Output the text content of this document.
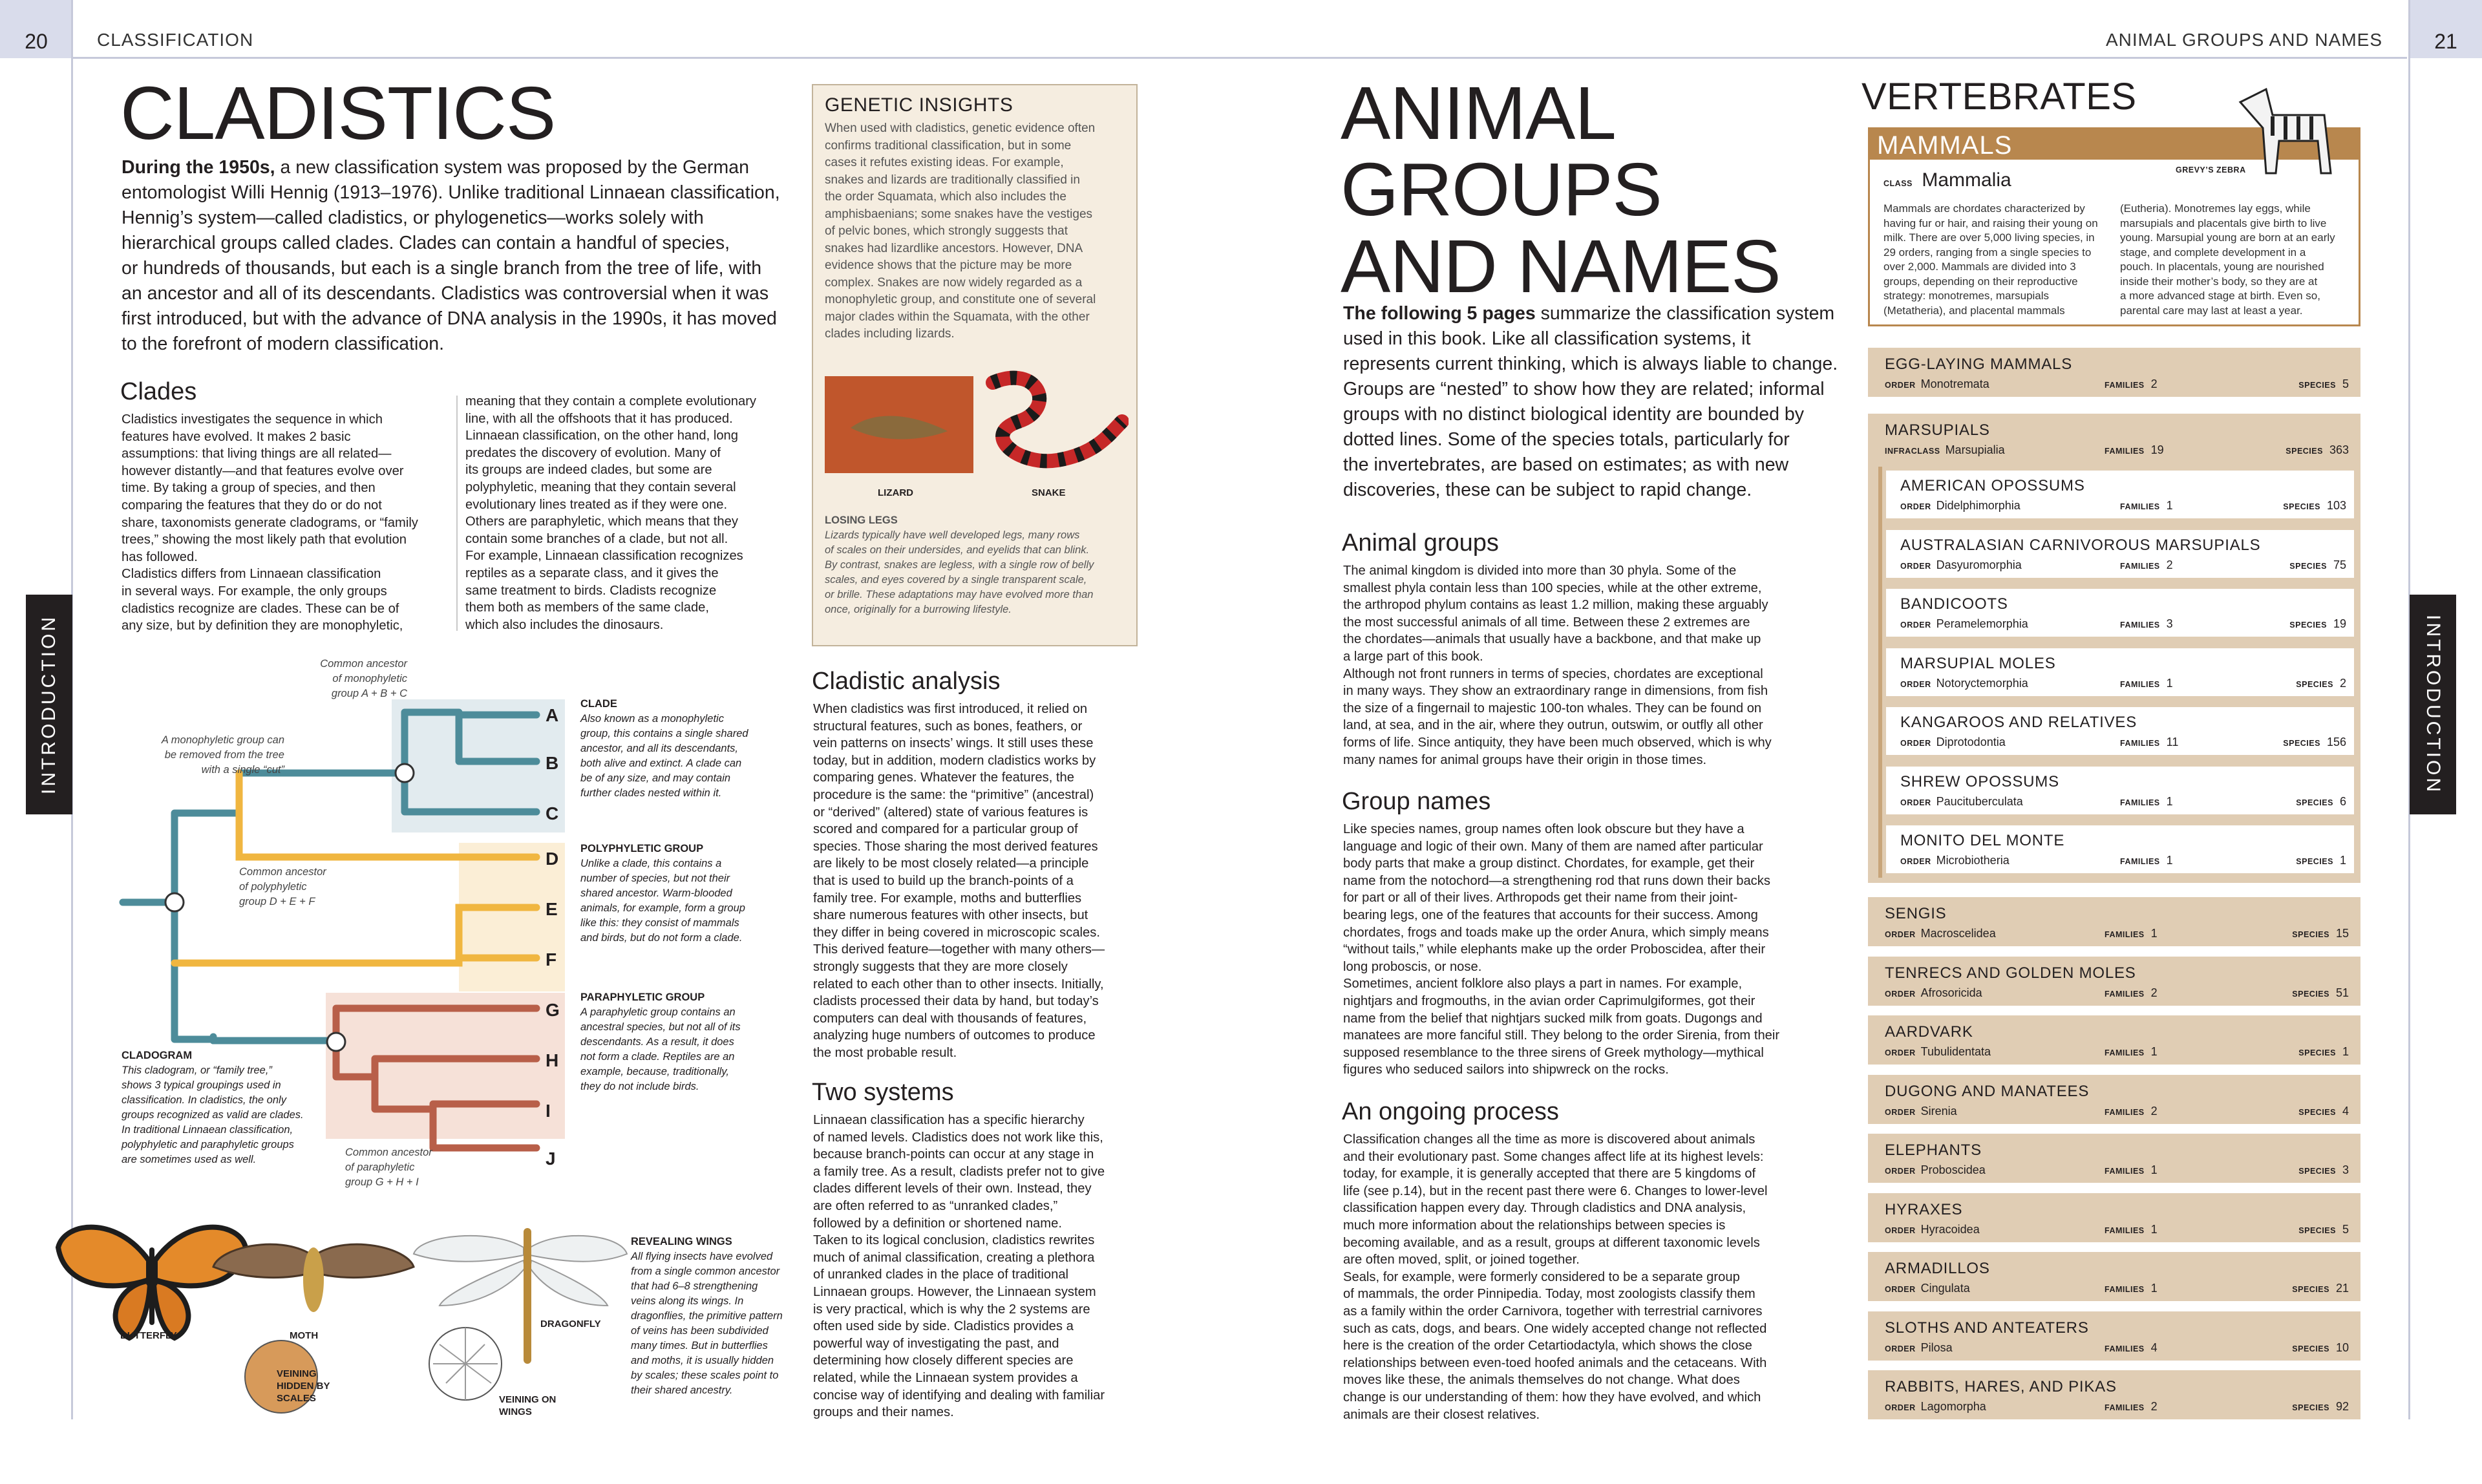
20	CLASSIFICATION	ANIMAL GROUPS AND NAMES	21
INTRODUCTION	INTRODUCTION
CLADISTICS
During the 1950s, a new classification system was proposed by the German
entomologist Willi Hennig (1913–1976). Unlike traditional Linnaean classification,
Hennig’s system—called cladistics, or phylogenetics—works solely with
hierarchical groups called clades. Clades can contain a handful of species,
or hundreds of thousands, but each is a single branch from the tree of life, with
an ancestor and all of its descendants. Cladistics was controversial when it was
first introduced, but with the advance of DNA analysis in the 1990s, it has moved
to the forefront of modern classification.
Clades
Cladistics investigates the sequence in which
features have evolved. It makes 2 basic
assumptions: that living things are all related—
however distantly—and that features evolve over
time. By taking a group of species, and then
comparing the features that they do or do not
share, taxonomists generate cladograms, or “family
trees,” showing the most likely path that evolution
has followed.
Cladistics differs from Linnaean classification
in several ways. For example, the only groups
cladistics recognize are clades. These can be of
any size, but by definition they are monophyletic,
meaning that they contain a complete evolutionary
line, with all the offshoots that it has produced.
Linnaean classification, on the other hand, long
predates the discovery of evolution. Many of
its groups are indeed clades, but some are
polyphyletic, meaning that they contain several
evolutionary lines treated as if they were one.
Others are paraphyletic, which means that they
contain some branches of a clade, but not all.
For example, Linnaean classification recognizes
reptiles as a separate class, and it gives the
same treatment to birds. Cladists recognize
them both as members of the same clade,
which also includes the dinosaurs.
A
B
C
D
E
F
G
H
I
J
Common ancestor
of monophyletic
group A + B + C
A monophyletic group can
be removed from the tree
with a single “cut”
Common ancestor
of polyphyletic
group D + E + F
Common ancestor
of paraphyletic
group G + H + I
CLADE
Also known as a monophyletic
group, this contains a single shared
ancestor, and all its descendants,
both alive and extinct. A clade can
be of any size, and may contain
further clades nested within it.
POLYPHYLETIC GROUP
Unlike a clade, this contains a
number of species, but not their
shared ancestor. Warm-blooded
animals, for example, form a group
like this: they consist of mammals
and birds, but do not form a clade.
PARAPHYLETIC GROUP
A paraphyletic group contains an
ancestral species, but not all of its
descendants. As a result, it does
not form a clade. Reptiles are an
example, because, traditionally,
they do not include birds.
CLADOGRAM
This cladogram, or “family tree,”
shows 3 typical groupings used in
classification. In cladistics, the only
groups recognized as valid are clades.
In traditional Linnaean classification,
polyphyletic and paraphyletic groups
are sometimes used as well.
BUTTERFLY	MOTH
DRAGONFLY
VEINING
HIDDEN BY
SCALES	VEINING ON
WINGS
REVEALING WINGS
All flying insects have evolved
from a single common ancestor
that had 6–8 strengthening
veins along its wings. In
dragonflies, the primitive pattern
of veins has been subdivided
many times. But in butterflies
and moths, it is usually hidden
by scales; these scales point to
their shared ancestry.
GENETIC INSIGHTS
When used with cladistics, genetic evidence often
confirms traditional classification, but in some
cases it refutes existing ideas. For example,
snakes and lizards are traditionally classified in
the order Squamata, which also includes the
amphisbaenians; some snakes have the vestiges
of pelvic bones, which strongly suggests that
snakes had lizardlike ancestors. However, DNA
evidence shows that the picture may be more
complex. Snakes are now widely regarded as a
monophyletic group, and constitute one of several
major clades within the Squamata, with the other
clades including lizards.
LIZARD	SNAKE
LOSING LEGS
Lizards typically have well developed legs, many rows
of scales on their undersides, and eyelids that can blink.
By contrast, snakes are legless, with a single row of belly
scales, and eyes covered by a single transparent scale,
or brille. These adaptations may have evolved more than
once, originally for a burrowing lifestyle.
Cladistic analysis
When cladistics was first introduced, it relied on
structural features, such as bones, feathers, or
vein patterns on insects’ wings. It still uses these
today, but in addition, modern cladistics works by
comparing genes. Whatever the features, the
procedure is the same: the “primitive” (ancestral)
or “derived” (altered) state of various features is
scored and compared for a particular group of
species. Those sharing the most derived features
are likely to be most closely related—a principle
that is used to build up the branch-points of a
family tree. For example, moths and butterflies
share numerous features with other insects, but
they differ in being covered in microscopic scales.
This derived feature—together with many others—
strongly suggests that they are more closely
related to each other than to other insects. Initially,
cladists processed their data by hand, but today’s
computers can deal with thousands of features,
analyzing huge numbers of outcomes to produce
the most probable result.
Two systems
Linnaean classification has a specific hierarchy
of named levels. Cladistics does not work like this,
because branch-points can occur at any stage in
a family tree. As a result, cladists prefer not to give
clades different levels of their own. Instead, they
are often referred to as “unranked clades,”
followed by a definition or shortened name.
Taken to its logical conclusion, cladistics rewrites
much of animal classification, creating a plethora
of unranked clades in the place of traditional
Linnaean groups. However, the Linnaean system
is very practical, which is why the 2 systems are
often used side by side. Cladistics provides a
powerful way of investigating the past, and
determining how closely different species are
related, while the Linnaean system provides a
concise way of identifying and dealing with familiar
groups and their names.
ANIMAL
GROUPS
AND NAMES
The following 5 pages summarize the classification system
used in this book. Like all classification systems, it
represents current thinking, which is always liable to change.
Groups are “nested” to show how they are related; informal
groups with no distinct biological identity are bounded by
dotted lines. Some of the species totals, particularly for
the invertebrates, are based on estimates; as with new
discoveries, these can be subject to rapid change.
Animal groups
The animal kingdom is divided into more than 30 phyla. Some of the
smallest phyla contain less than 100 species, while at the other extreme,
the arthropod phylum contains as least 1.2 million, making these arguably
the most successful animals of all time. Between these 2 extremes are
the chordates—animals that usually have a backbone, and that make up
a large part of this book.
Although not front runners in terms of species, chordates are exceptional
in many ways. They show an extraordinary range in dimensions, from fish
the size of a fingernail to majestic 100-ton whales. They can be found on
land, at sea, and in the air, where they outrun, outswim, or outfly all other
forms of life. Since antiquity, they have been much observed, which is why
many names for animal groups have their origin in those times.
Group names
Like species names, group names often look obscure but they have a
language and logic of their own. Many of them are named after particular
body parts that make a group distinct. Chordates, for example, get their
name from the notochord—a strengthening rod that runs down their backs
for part or all of their lives. Arthropods get their name from their joint-
bearing legs, one of the features that accounts for their success. Among
chordates, frogs and toads make up the order Anura, which simply means
“without tails,” while elephants make up the order Proboscidea, after their
long proboscis, or nose.
Sometimes, ancient folklore also plays a part in names. For example,
nightjars and frogmouths, in the avian order Caprimulgiformes, got their
name from the belief that nightjars sucked milk from goats. Dugongs and
manatees are more fanciful still. They belong to the order Sirenia, from their
supposed resemblance to the three sirens of Greek mythology—mythical
figures who seduced sailors into shipwreck on the rocks.
An ongoing process
Classification changes all the time as more is discovered about animals
and their evolutionary past. Some changes affect life at its highest levels:
today, for example, it is generally accepted that there are 5 kingdoms of
life (see p.14), but in the recent past there were 6. Changes to lower-level
classification happen every day. Through cladistics and DNA analysis,
much more information about the relationships between species is
becoming available, and as a result, groups at different taxonomic levels
are often moved, split, or joined together.
Seals, for example, were formerly considered to be a separate group
of mammals, the order Pinnipedia. Today, most zoologists classify them
as a family within the order Carnivora, together with terrestrial carnivores
such as cats, dogs, and bears. One widely accepted change not reflected
here is the creation of the order Cetartiodactyla, which shows the close
relationships between even-toed hoofed animals and the cetaceans. With
moves like these, the animals themselves do not change. What does
change is our understanding of them: how they have evolved, and which
animals are their closest relatives.
VERTEBRATES
MAMMALS
GREVY’S ZEBRA
CLASS Mammalia
Mammals are chordates characterized by
having fur or hair, and raising their young on
milk. There are over 5,000 living species, in
29 orders, ranging from a single species to
over 2,000. Mammals are divided into 3
groups, depending on their reproductive
strategy: monotremes, marsupials
(Metatheria), and placental mammals
(Eutheria). Monotremes lay eggs, while
marsupials and placentals give birth to live
young. Marsupial young are born at an early
stage, and complete development in a
pouch. In placentals, young are nourished
inside their mother’s body, so they are at
a more advanced stage at birth. Even so,
parental care may last at least a year.
EGG-LAYING MAMMALS
ORDER Monotremata	FAMILIES 2	SPECIES 5
MARSUPIALS
INFRACLASS Marsupialia	FAMILIES 19	SPECIES 363
AMERICAN OPOSSUMS
ORDER Didelphimorphia	FAMILIES 1	SPECIES 103
AUSTRALASIAN CARNIVOROUS MARSUPIALS
ORDER Dasyuromorphia	FAMILIES 2	SPECIES 75
BANDICOOTS
ORDER Peramelemorphia	FAMILIES 3	SPECIES 19
MARSUPIAL MOLES
ORDER Notoryctemorphia	FAMILIES 1	SPECIES 2
KANGAROOS AND RELATIVES
ORDER Diprotodontia	FAMILIES 11	SPECIES 156
SHREW OPOSSUMS
ORDER Paucituberculata	FAMILIES 1	SPECIES 6
MONITO DEL MONTE
ORDER Microbiotheria	FAMILIES 1	SPECIES 1
SENGIS
ORDER Macroscelidea	FAMILIES 1	SPECIES 15
TENRECS AND GOLDEN MOLES
ORDER Afrosoricida	FAMILIES 2	SPECIES 51
AARDVARK
ORDER Tubulidentata	FAMILIES 1	SPECIES 1
DUGONG AND MANATEES
ORDER Sirenia	FAMILIES 2	SPECIES 4
ELEPHANTS
ORDER Proboscidea	FAMILIES 1	SPECIES 3
HYRAXES
ORDER Hyracoidea	FAMILIES 1	SPECIES 5
ARMADILLOS
ORDER Cingulata	FAMILIES 1	SPECIES 21
SLOTHS AND ANTEATERS
ORDER Pilosa	FAMILIES 4	SPECIES 10
RABBITS, HARES, AND PIKAS
ORDER Lagomorpha	FAMILIES 2	SPECIES 92
